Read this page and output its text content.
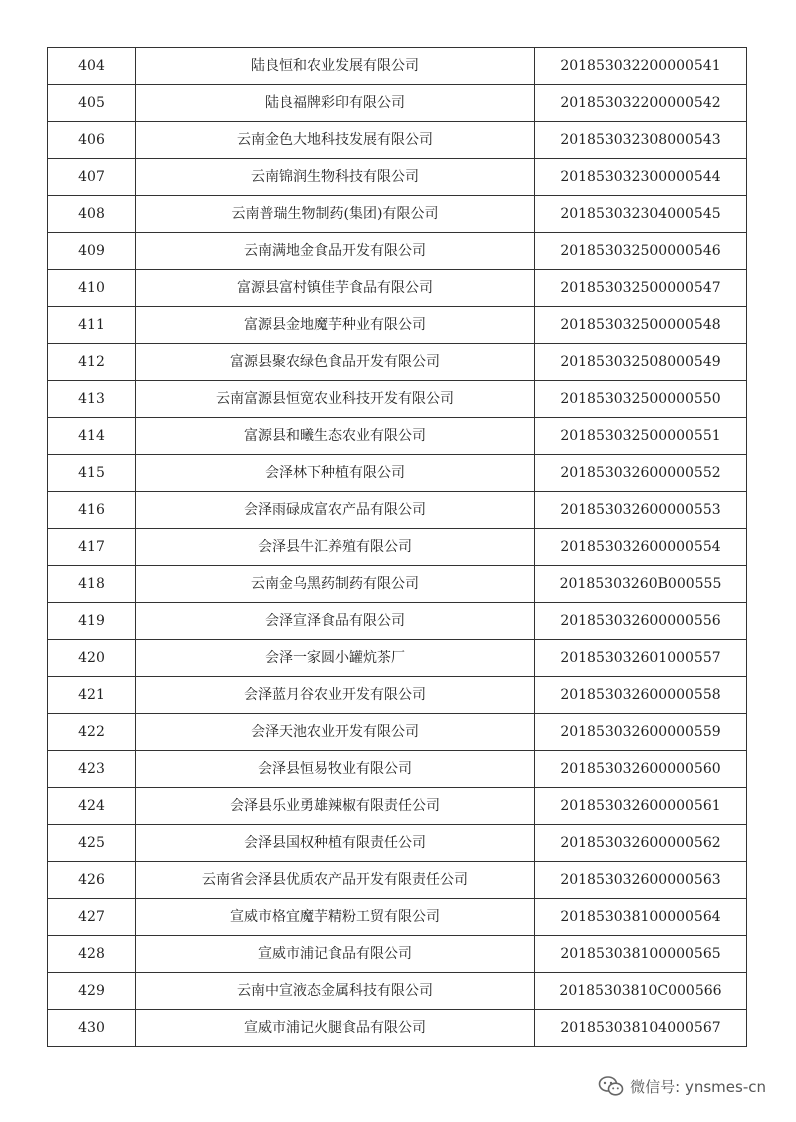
404	陆良恒和农业发展有限公司	201853032200000541
405	陆良福牌彩印有限公司	201853032200000542
406	云南金色大地科技发展有限公司	201853032308000543
407	云南锦润生物科技有限公司	201853032300000544
408	云南普瑞生物制药(集团)有限公司	201853032304000545
409	云南满地金食品开发有限公司	201853032500000546
410	富源县富村镇佳芋食品有限公司	201853032500000547
411	富源县金地魔芋种业有限公司	201853032500000548
412	富源县聚农绿色食品开发有限公司	201853032508000549
413	云南富源县恒宽农业科技开发有限公司	201853032500000550
414	富源县和曦生态农业有限公司	201853032500000551
415	会泽林下种植有限公司	201853032600000552
416	会泽雨碌成富农产品有限公司	201853032600000553
417	会泽县牛汇养殖有限公司	201853032600000554
418	云南金乌黑药制药有限公司	20185303260B000555
419	会泽宣泽食品有限公司	201853032600000556
420	会泽一家圆小罐炕茶厂	201853032601000557
421	会泽蓝月谷农业开发有限公司	201853032600000558
422	会泽天池农业开发有限公司	201853032600000559
423	会泽县恒易牧业有限公司	201853032600000560
424	会泽县乐业勇雄辣椒有限责任公司	201853032600000561
425	会泽县国权种植有限责任公司	201853032600000562
426	云南省会泽县优质农产品开发有限责任公司	201853032600000563
427	宣威市格宜魔芋精粉工贸有限公司	201853038100000564
428	宣威市浦记食品有限公司	201853038100000565
429	云南中宣液态金属科技有限公司	20185303810C000566
430	宣威市浦记火腿食品有限公司	201853038104000567
微信号: ynsmes-cn
